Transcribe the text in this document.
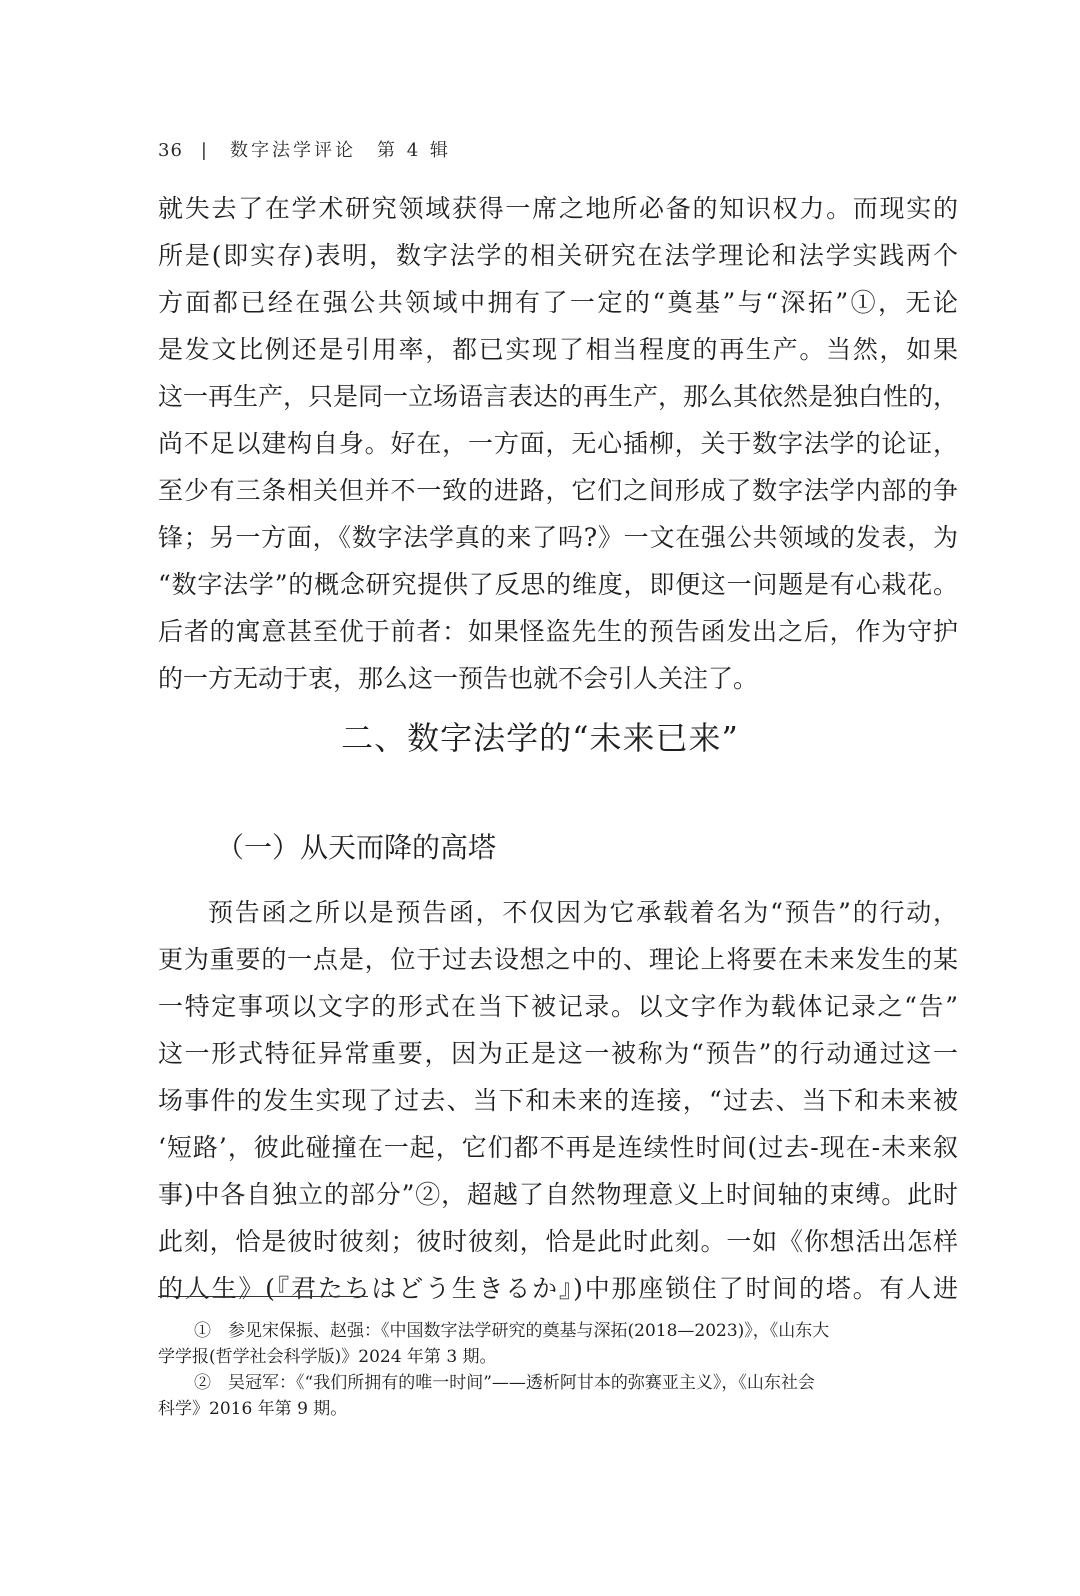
36 | 数字法学评论　第 4 辑
就失去了在学术研究领域获得一席之地所必备的知识权力。而现实的
所是(即实存)表明，数字法学的相关研究在法学理论和法学实践两个
方面都已经在强公共领域中拥有了一定的“奠基”与“深拓”①，无论
是发文比例还是引用率，都已实现了相当程度的再生产。当然，如果
这一再生产，只是同一立场语言表达的再生产，那么其依然是独白性的，
尚不足以建构自身。好在，一方面，无心插柳，关于数字法学的论证，
至少有三条相关但并不一致的进路，它们之间形成了数字法学内部的争
锋；另一方面，《数字法学真的来了吗?》一文在强公共领域的发表，为
“数字法学”的概念研究提供了反思的维度，即便这一问题是有心栽花。
后者的寓意甚至优于前者：如果怪盗先生的预告函发出之后，作为守护
的一方无动于衷，那么这一预告也就不会引人关注了。
二、数字法学的“未来已来”
（一）从天而降的高塔
预告函之所以是预告函，不仅因为它承载着名为“预告”的行动，
更为重要的一点是，位于过去设想之中的、理论上将要在未来发生的某
一特定事项以文字的形式在当下被记录。以文字作为载体记录之“告”
这一形式特征异常重要，因为正是这一被称为“预告”的行动通过这一
场事件的发生实现了过去、当下和未来的连接，“过去、当下和未来被
‘短路’，彼此碰撞在一起，它们都不再是连续性时间(过去-现在-未来叙
事)中各自独立的部分”②，超越了自然物理意义上时间轴的束缚。此时
此刻，恰是彼时彼刻；彼时彼刻，恰是此时此刻。一如《你想活出怎样
的人生》(『君たちはどう生きるか』)中那座锁住了时间的塔。有人进
①　参见宋保振、赵强：《中国数字法学研究的奠基与深拓(2018—2023)》，《山东大
学学报(哲学社会科学版)》2024 年第 3 期。
②　吴冠军：《“我们所拥有的唯一时间”——透析阿甘本的弥赛亚主义》，《山东社会
科学》2016 年第 9 期。
